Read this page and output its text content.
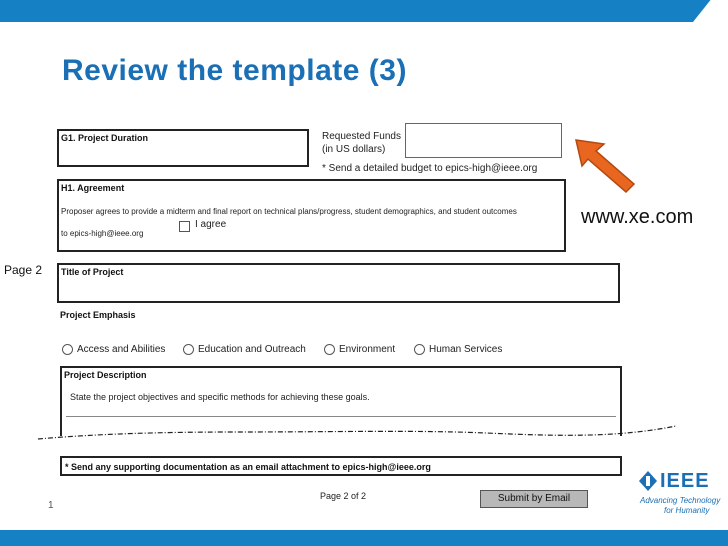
Review the template (3)
G1. Project Duration	Requested Funds
(in US dollars)
* Send a detailed budget to epics-high@ieee.org
H1. Agreement
Proposer agrees to provide a midterm and final report on technical plans/progress, student demographics, and student outcomes
I agree
to epics-high@ieee.org
www.xe.com
Page 2 Title of Project
Project Emphasis
Access and Abilities	Education and Outreach	Environment	Human Services
Project Description
State the project objectives and specific methods for achieving these goals.
* Send any supporting documentation as an email attachment to epics-high@ieee.org
Page 2 of 2	Submit by Email
1
IEEE
Advancing Technology
for Humanity
